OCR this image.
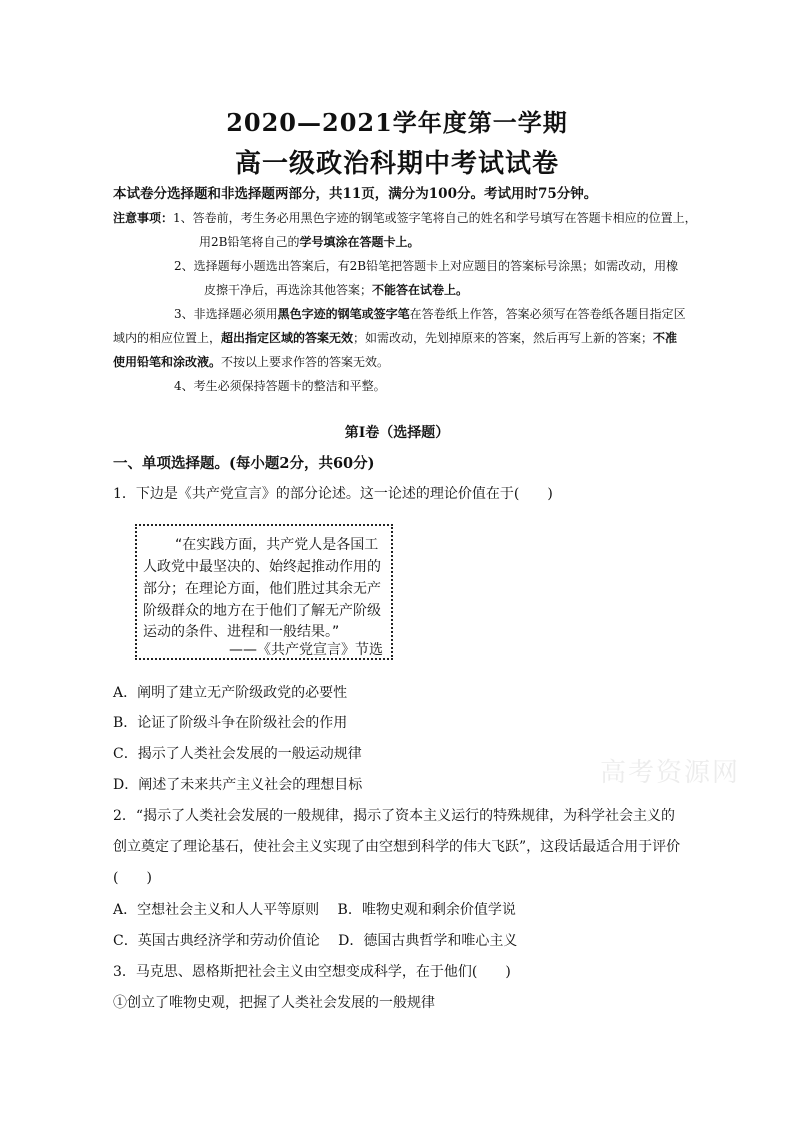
2020—2021学年度第一学期
高一级政治科期中考试试卷
本试卷分选择题和非选择题两部分，共11页，满分为100分。考试用时75分钟。
注意事项：1、答卷前，考生务必用黑色字迹的钢笔或签字笔将自己的姓名和学号填写在答题卡相应的位置上，
用2B铅笔将自己的学号填涂在答题卡上。
2、选择题每小题选出答案后，有2B铅笔把答题卡上对应题目的答案标号涂黑；如需改动，用橡
皮擦干净后，再选涂其他答案；不能答在试卷上。
3、非选择题必须用黑色字迹的钢笔或签字笔在答卷纸上作答，答案必须写在答卷纸各题目指定区
域内的相应位置上，超出指定区域的答案无效；如需改动，先划掉原来的答案，然后再写上新的答案；不准
使用铅笔和涂改液。不按以上要求作答的答案无效。
4、考生必须保持答题卡的整洁和平整。
第I卷（选择题）
一、单项选择题。(每小题2分，共60分)
1．下边是《共产党宣言》的部分论述。这一论述的理论价值在于(　　)
“在实践方面，共产党人是各国工
人政党中最坚决的、始终起推动作用的
部分；在理论方面，他们胜过其余无产
阶级群众的地方在于他们了解无产阶级
运动的条件、进程和一般结果。”
——《共产党宣言》节选
A．阐明了建立无产阶级政党的必要性
B．论证了阶级斗争在阶级社会的作用
C．揭示了人类社会发展的一般运动规律
D．阐述了未来共产主义社会的理想目标	高考资源网
2．“揭示了人类社会发展的一般规律，揭示了资本主义运行的特殊规律，为科学社会主义的
创立奠定了理论基石，使社会主义实现了由空想到科学的伟大飞跃”，这段话最适合用于评价
(　　)
A．空想社会主义和人人平等原则　 B．唯物史观和剩余价值学说
C．英国古典经济学和劳动价值论　 D．德国古典哲学和唯心主义
3．马克思、恩格斯把社会主义由空想变成科学，在于他们(　　)
①创立了唯物史观，把握了人类社会发展的一般规律
